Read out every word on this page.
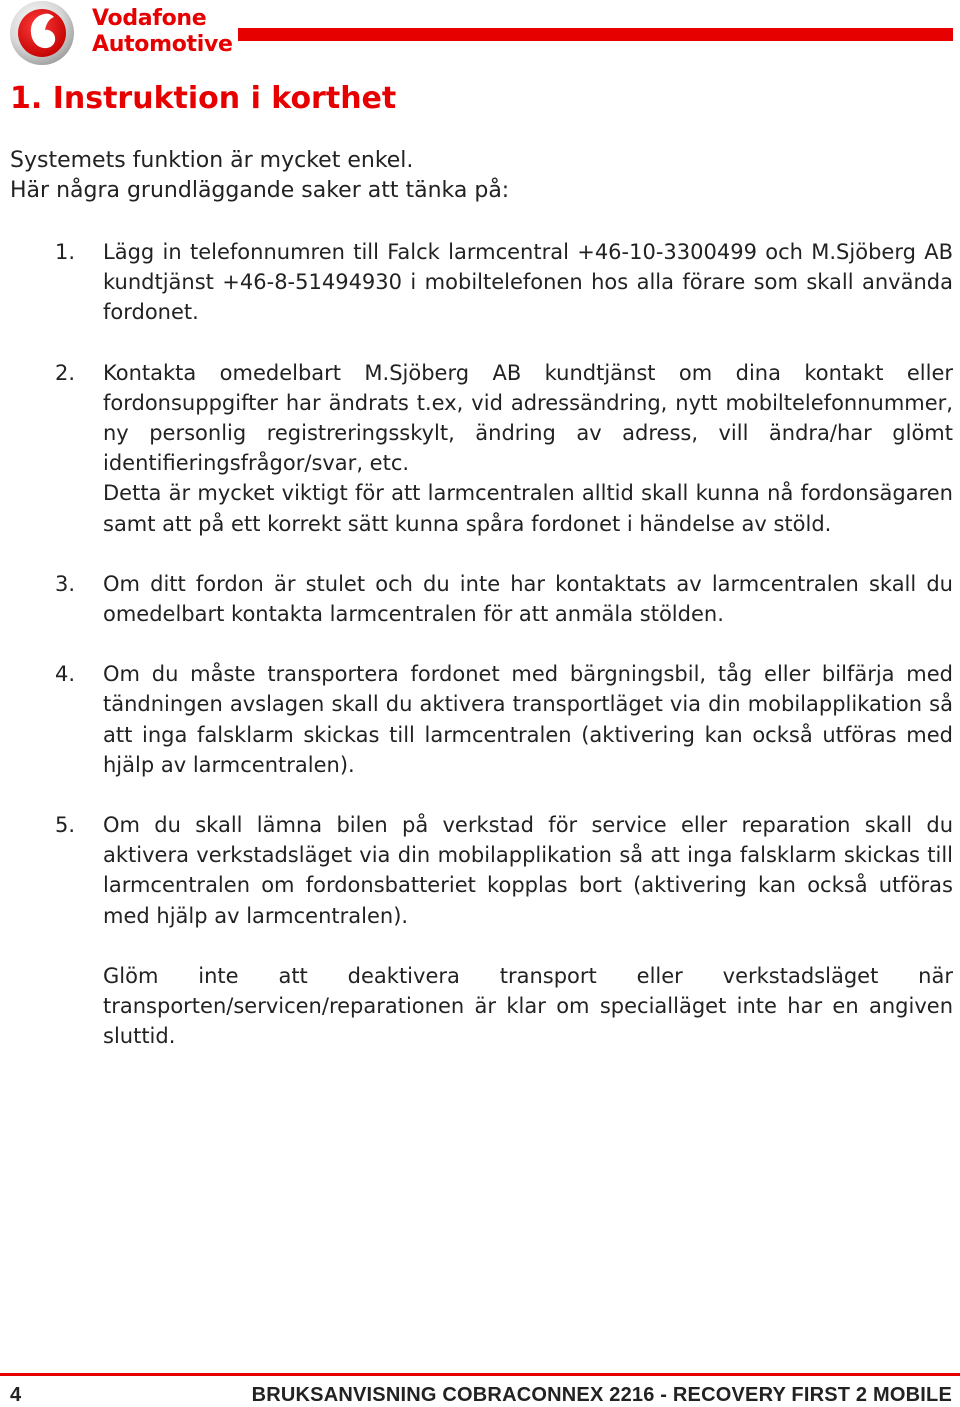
Vodafone
Automotive
1. Instruktion i korthet
Systemets funktion är mycket enkel.
Här några grundläggande saker att tänka på:
1. Lägg in telefonnumren till Falck larmcentral +46-10-3300499 och M.Sjöberg AB kundtjänst +46-8-51494930 i mobiltelefonen hos alla förare som skall använda fordonet.

2. Kontakta omedelbart M.Sjöberg AB kundtjänst om dina kontakt eller fordonsuppgifter har ändrats t.ex, vid adressändring, nytt mobiltelefonnummer, ny personlig registreringsskylt, ändring av adress, vill ändra/har glömt identifieringsfrågor/svar, etc.

Detta är mycket viktigt för att larmcentralen alltid skall kunna nå fordonsägaren samt att på ett korrekt sätt kunna spåra fordonet i händelse av stöld.

3. Om ditt fordon är stulet och du inte har kontaktats av larmcentralen skall du omedelbart kontakta larmcentralen för att anmäla stölden.

4. Om du måste transportera fordonet med bärgningsbil, tåg eller bilfärja med tändningen avslagen skall du aktivera transportläget via din mobilapplikation så att inga falsklarm skickas till larmcentralen (aktivering kan också utföras med hjälp av larmcentralen).

5. Om du skall lämna bilen på verkstad för service eller reparation skall du aktivera verkstadsläget via din mobilapplikation så att inga falsklarm skickas till larmcentralen om fordonsbatteriet kopplas bort (aktivering kan också utföras med hjälp av larmcentralen).

Glöm inte att deaktivera transport eller verkstadsläget när transporten/servicen/reparationen är klar om specialläget inte har en angiven sluttid.

4	BRUKSANVISNING COBRACONNEX 2216 - RECOVERY FIRST 2 MOBILE
